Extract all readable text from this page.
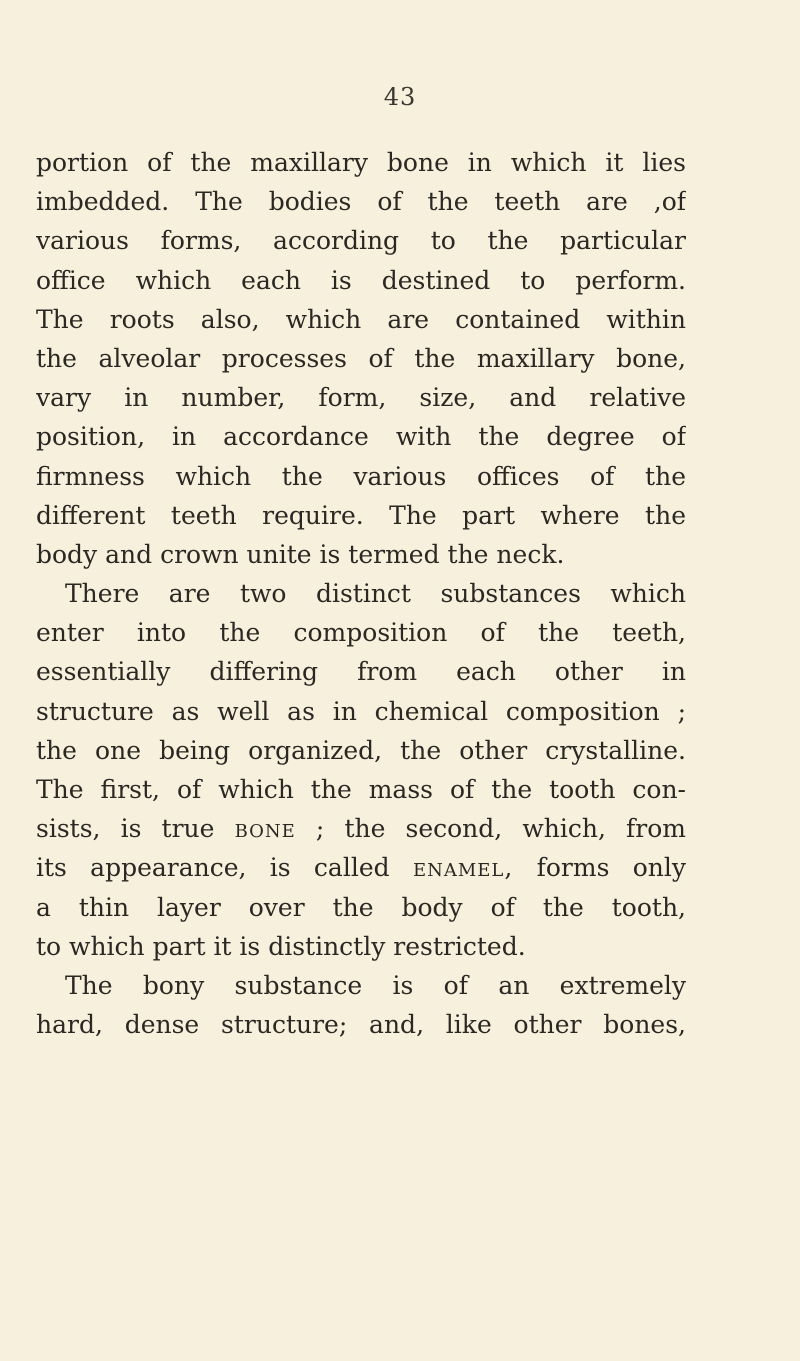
43
portion of the maxillary bone in which it lies
imbedded. The bodies of the teeth are ,of
various forms, according to the particular
office which each is destined to perform.
The roots also, which are contained within
the alveolar processes of the maxillary bone,
vary in number, form, size, and relative
position, in accordance with the degree of
firmness which the various offices of the
different teeth require. The part where the
body and crown unite is termed the neck.
There are two distinct substances which
enter into the composition of the teeth,
essentially differing from each other in
structure as well as in chemical composition ;
the one being organized, the other crystalline.
The first, of which the mass of the tooth con-
sists, is true bone ; the second, which, from
its appearance, is called enamel, forms only
a thin layer over the body of the tooth,
to which part it is distinctly restricted.
The bony substance is of an extremely
hard, dense structure; and, like other bones,
